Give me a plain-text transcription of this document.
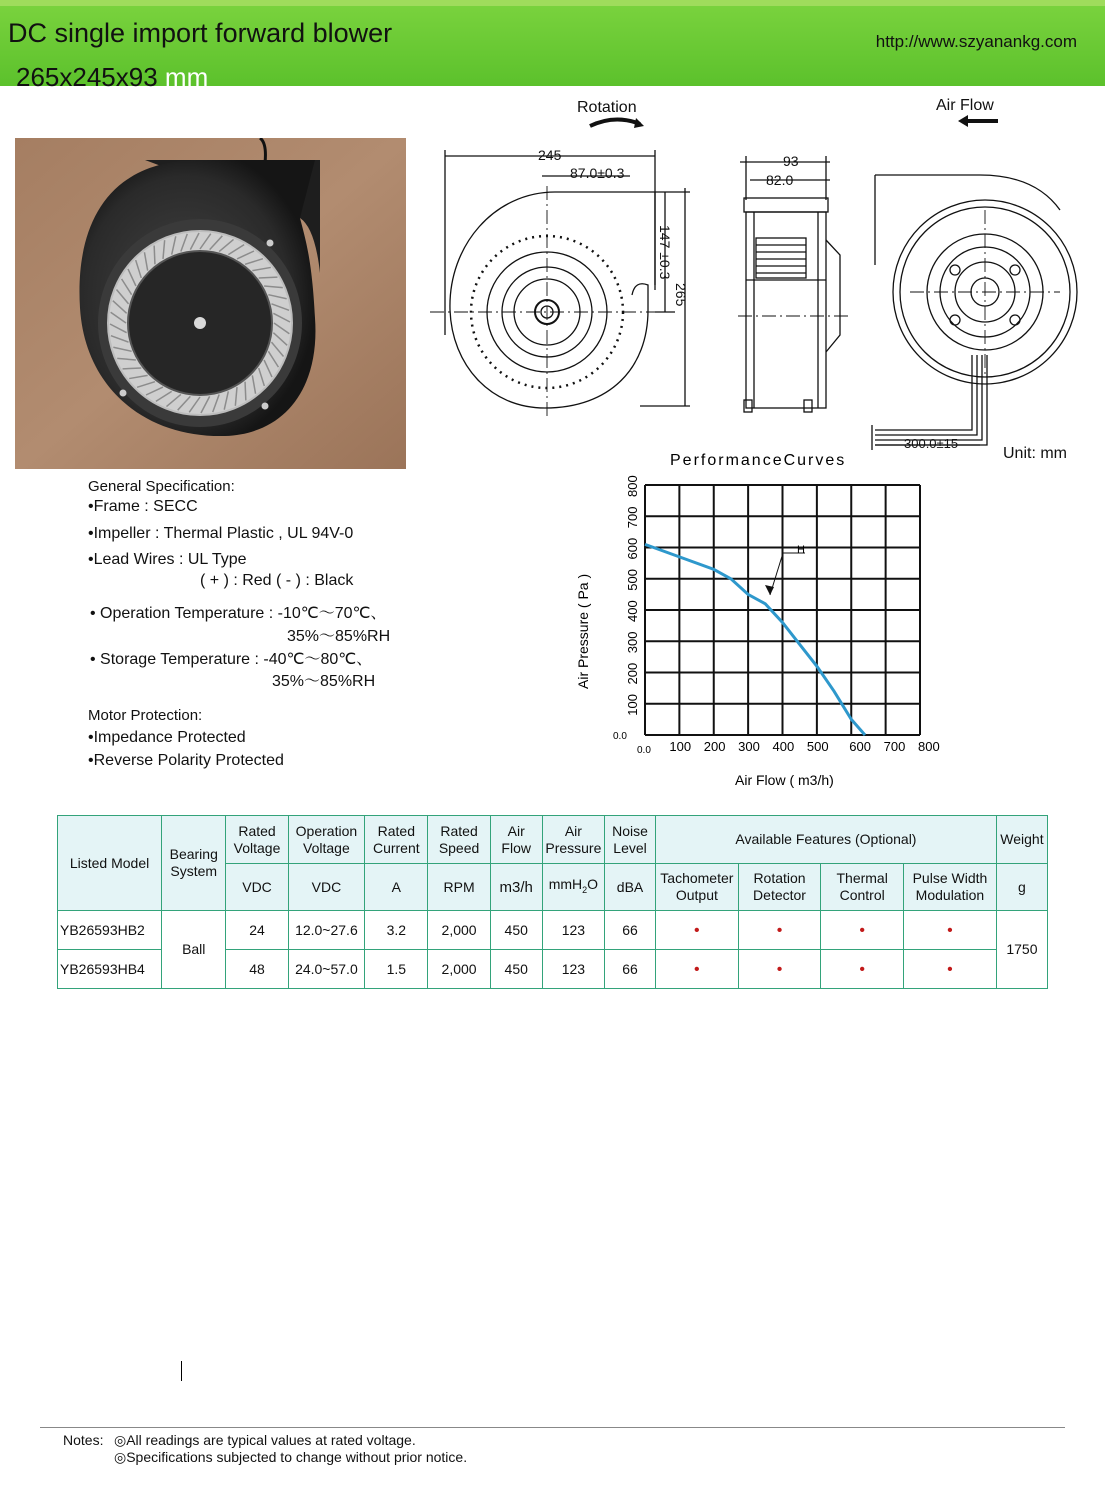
DC single import forward blower
265x245x93 mm
http://www.szyanankg.com
Rotation	Air Flow
245
87.0±0.3
147 ±0.3
265
93
82.0
300.0±15
Unit: mm
General Specification:
•Frame : SECC
•Impeller : Thermal Plastic , UL 94V-0
•Lead Wires : UL Type
( + ) : Red ( - ) : Black
• Operation Temperature : -10℃～70℃、
35%～85%RH
• Storage Temperature : -40℃～80℃、
35%～85%RH
Motor Protection:
•Impedance Protected
•Reverse Polarity Protected
PerformanceCurves
0.0 100 200 300 400 500 600 700 800
0.0
100
200
300
400
500
600
700
800
Air Flow ( m3/h)
Air Pressure ( Pa )
H
Listed Model	Bearing System	Rated Voltage	Operation Voltage	Rated Current	Rated Speed	Air Flow	Air Pressure	Noise Level	Available Features (Optional)				Weight
		VDC	VDC	A	RPM	m3/h	mmH$_2$O	dBA	Tachometer Output	Rotation Detector	Thermal Control	Pulse Width Modulation	g
YB26593HB2	Ball	24	12.0~27.6	3.2	2,000	450	123	66	•	•	•	•	1750
YB26593HB4		48	24.0~57.0	1.5	2,000	450	123	66	•	•	•	•	
Notes: ◎All readings are typical values at rated voltage.
◎Specifications subjected to change without prior notice.
